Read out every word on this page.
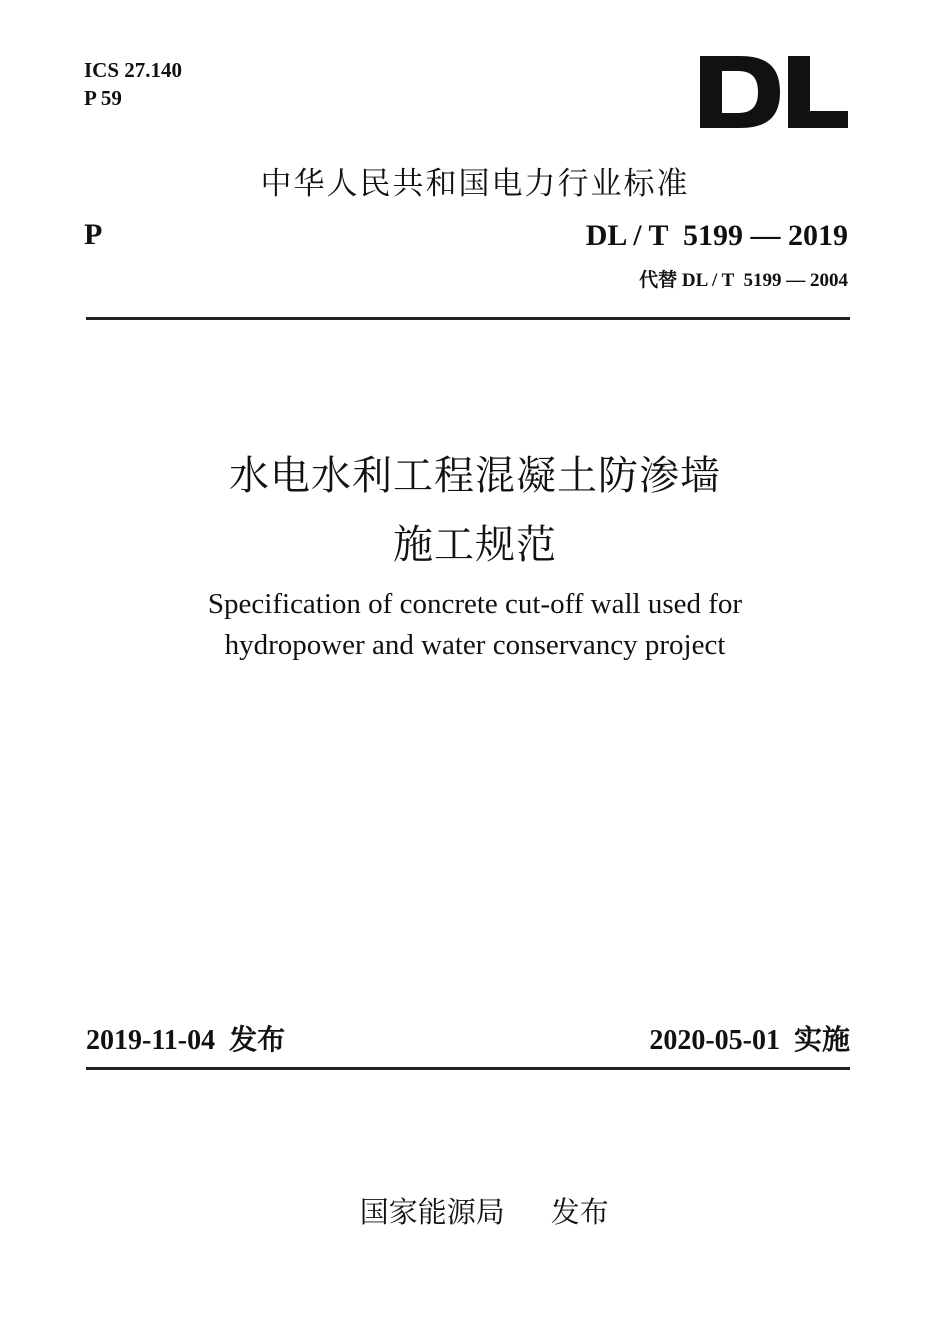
ICS 27.140
P 59
中华人民共和国电力行业标准
P	DL / T  5199 — 2019
代替 DL / T  5199 — 2004
水电水利工程混凝土防渗墙
施工规范
Specification of concrete cut-off wall used for
hydropower and water conservancy project
2019-11-04  发布	2020-05-01  实施

国家能源局 发布
